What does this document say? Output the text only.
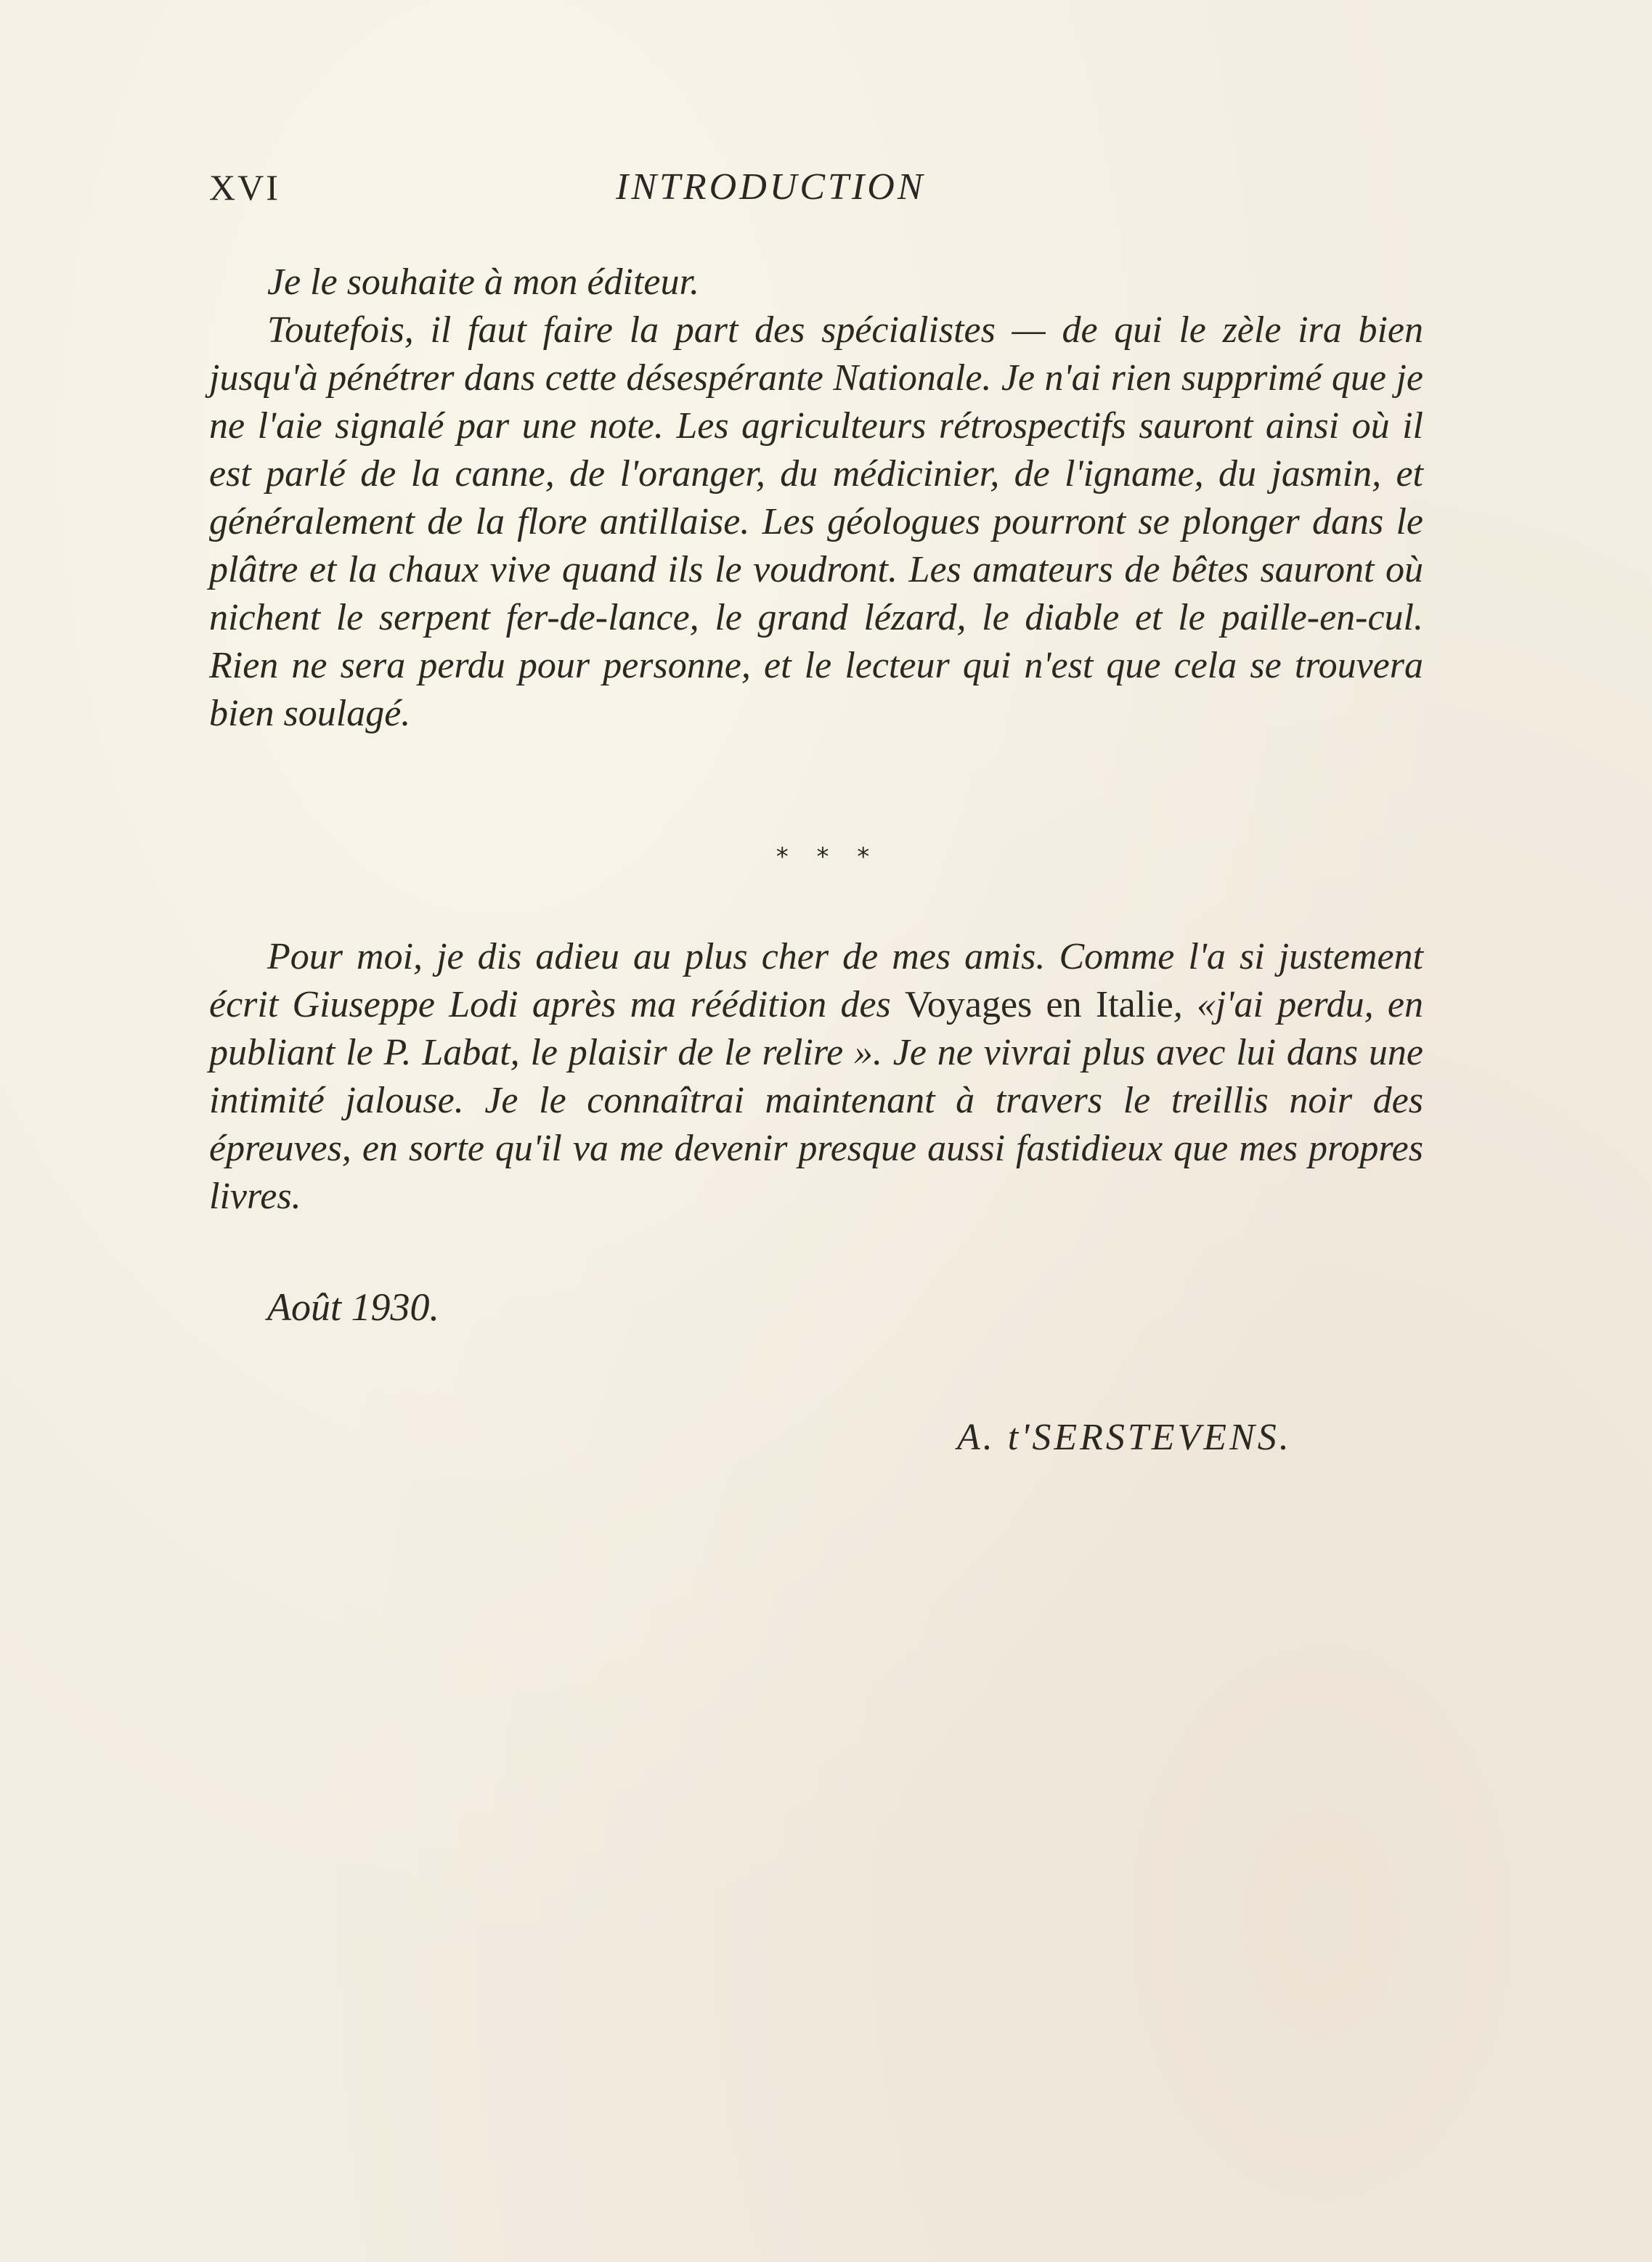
XVI	INTRODUCTION

Je le souhaite à mon éditeur.

Toutefois, il faut faire la part des spécialistes — de qui le zèle ira bien jusqu'à pénétrer dans cette désespérante Nationale. Je n'ai rien supprimé que je ne l'aie signalé par une note. Les agriculteurs rétrospectifs sauront ainsi où il est parlé de la canne, de l'oranger, du médicinier, de l'igname, du jasmin, et généralement de la flore antillaise. Les géologues pourront se plonger dans le plâtre et la chaux vive quand ils le voudront. Les amateurs de bêtes sauront où nichent le serpent fer-de-lance, le grand lézard, le diable et le paille-en-cul. Rien ne sera perdu pour personne, et le lecteur qui n'est que cela se trouvera bien soulagé.

* * *

Pour moi, je dis adieu au plus cher de mes amis. Comme l'a si justement écrit Giuseppe Lodi après ma réédition des Voyages en Italie, «j'ai perdu, en publiant le P. Labat, le plaisir de le relire ». Je ne vivrai plus avec lui dans une intimité jalouse. Je le connaîtrai maintenant à travers le treillis noir des épreuves, en sorte qu'il va me devenir presque aussi fastidieux que mes propres livres.

Août 1930.
A. t'SERSTEVENS.
